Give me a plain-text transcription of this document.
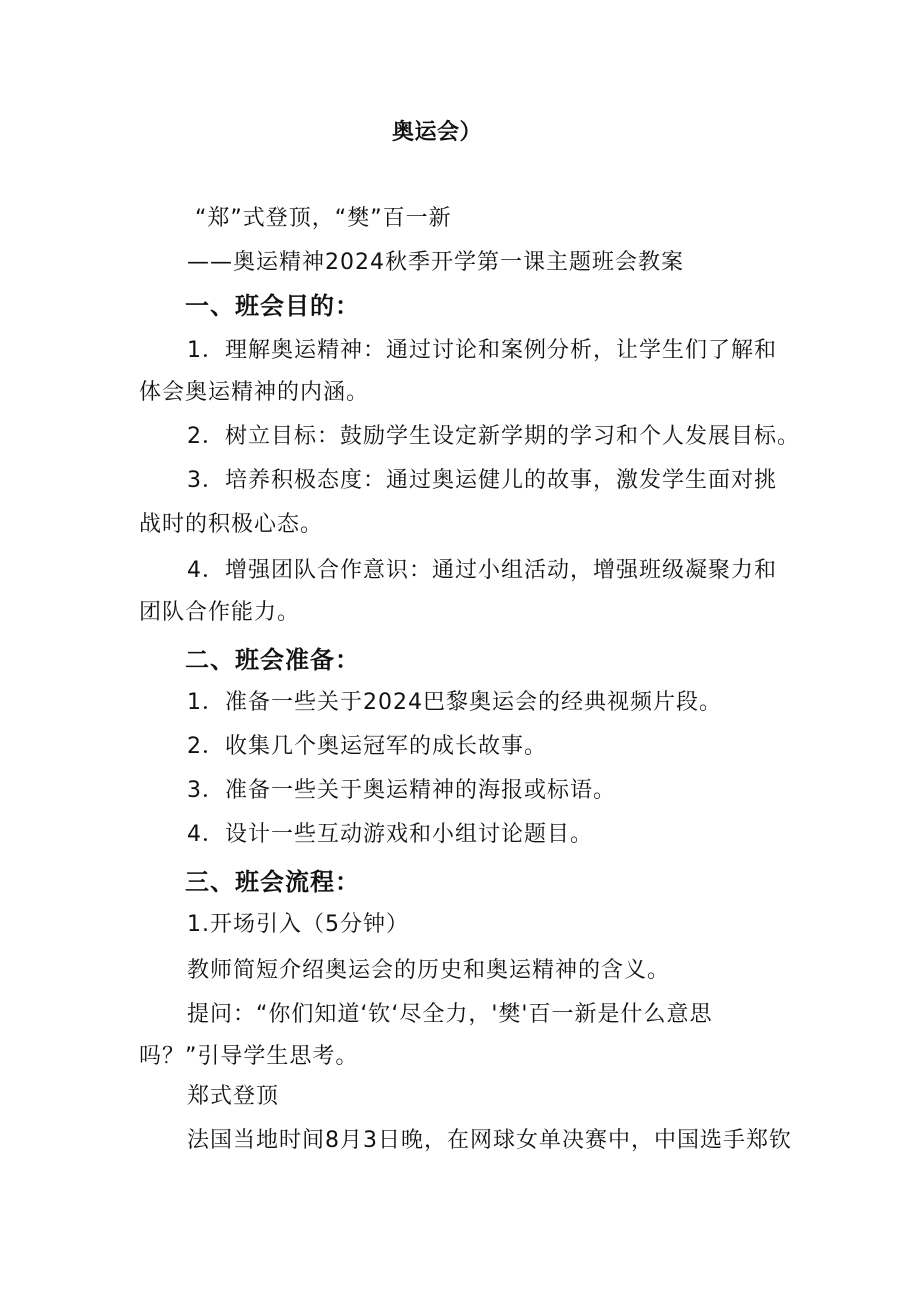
奥运会）
“郑”式登顶，“樊”百一新
——奥运精神2024秋季开学第一课主题班会教案
一、班会目的：
1．理解奥运精神：通过讨论和案例分析，让学生们了解和
体会奥运精神的内涵。
2．树立目标：鼓励学生设定新学期的学习和个人发展目标。
3．培养积极态度：通过奥运健儿的故事，激发学生面对挑
战时的积极心态。
4．增强团队合作意识：通过小组活动，增强班级凝聚力和
团队合作能力。
二、班会准备：
1．准备一些关于2024巴黎奥运会的经典视频片段。
2．收集几个奥运冠军的成长故事。
3．准备一些关于奥运精神的海报或标语。
4．设计一些互动游戏和小组讨论题目。
三、班会流程：
1.开场引入（5分钟）
教师简短介绍奥运会的历史和奥运精神的含义。
提问：“你们知道‘钦‘尽全力，'樊'百一新是什么意思
吗？”引导学生思考。
郑式登顶
法国当地时间8月3日晚，在网球女单决赛中，中国选手郑钦
